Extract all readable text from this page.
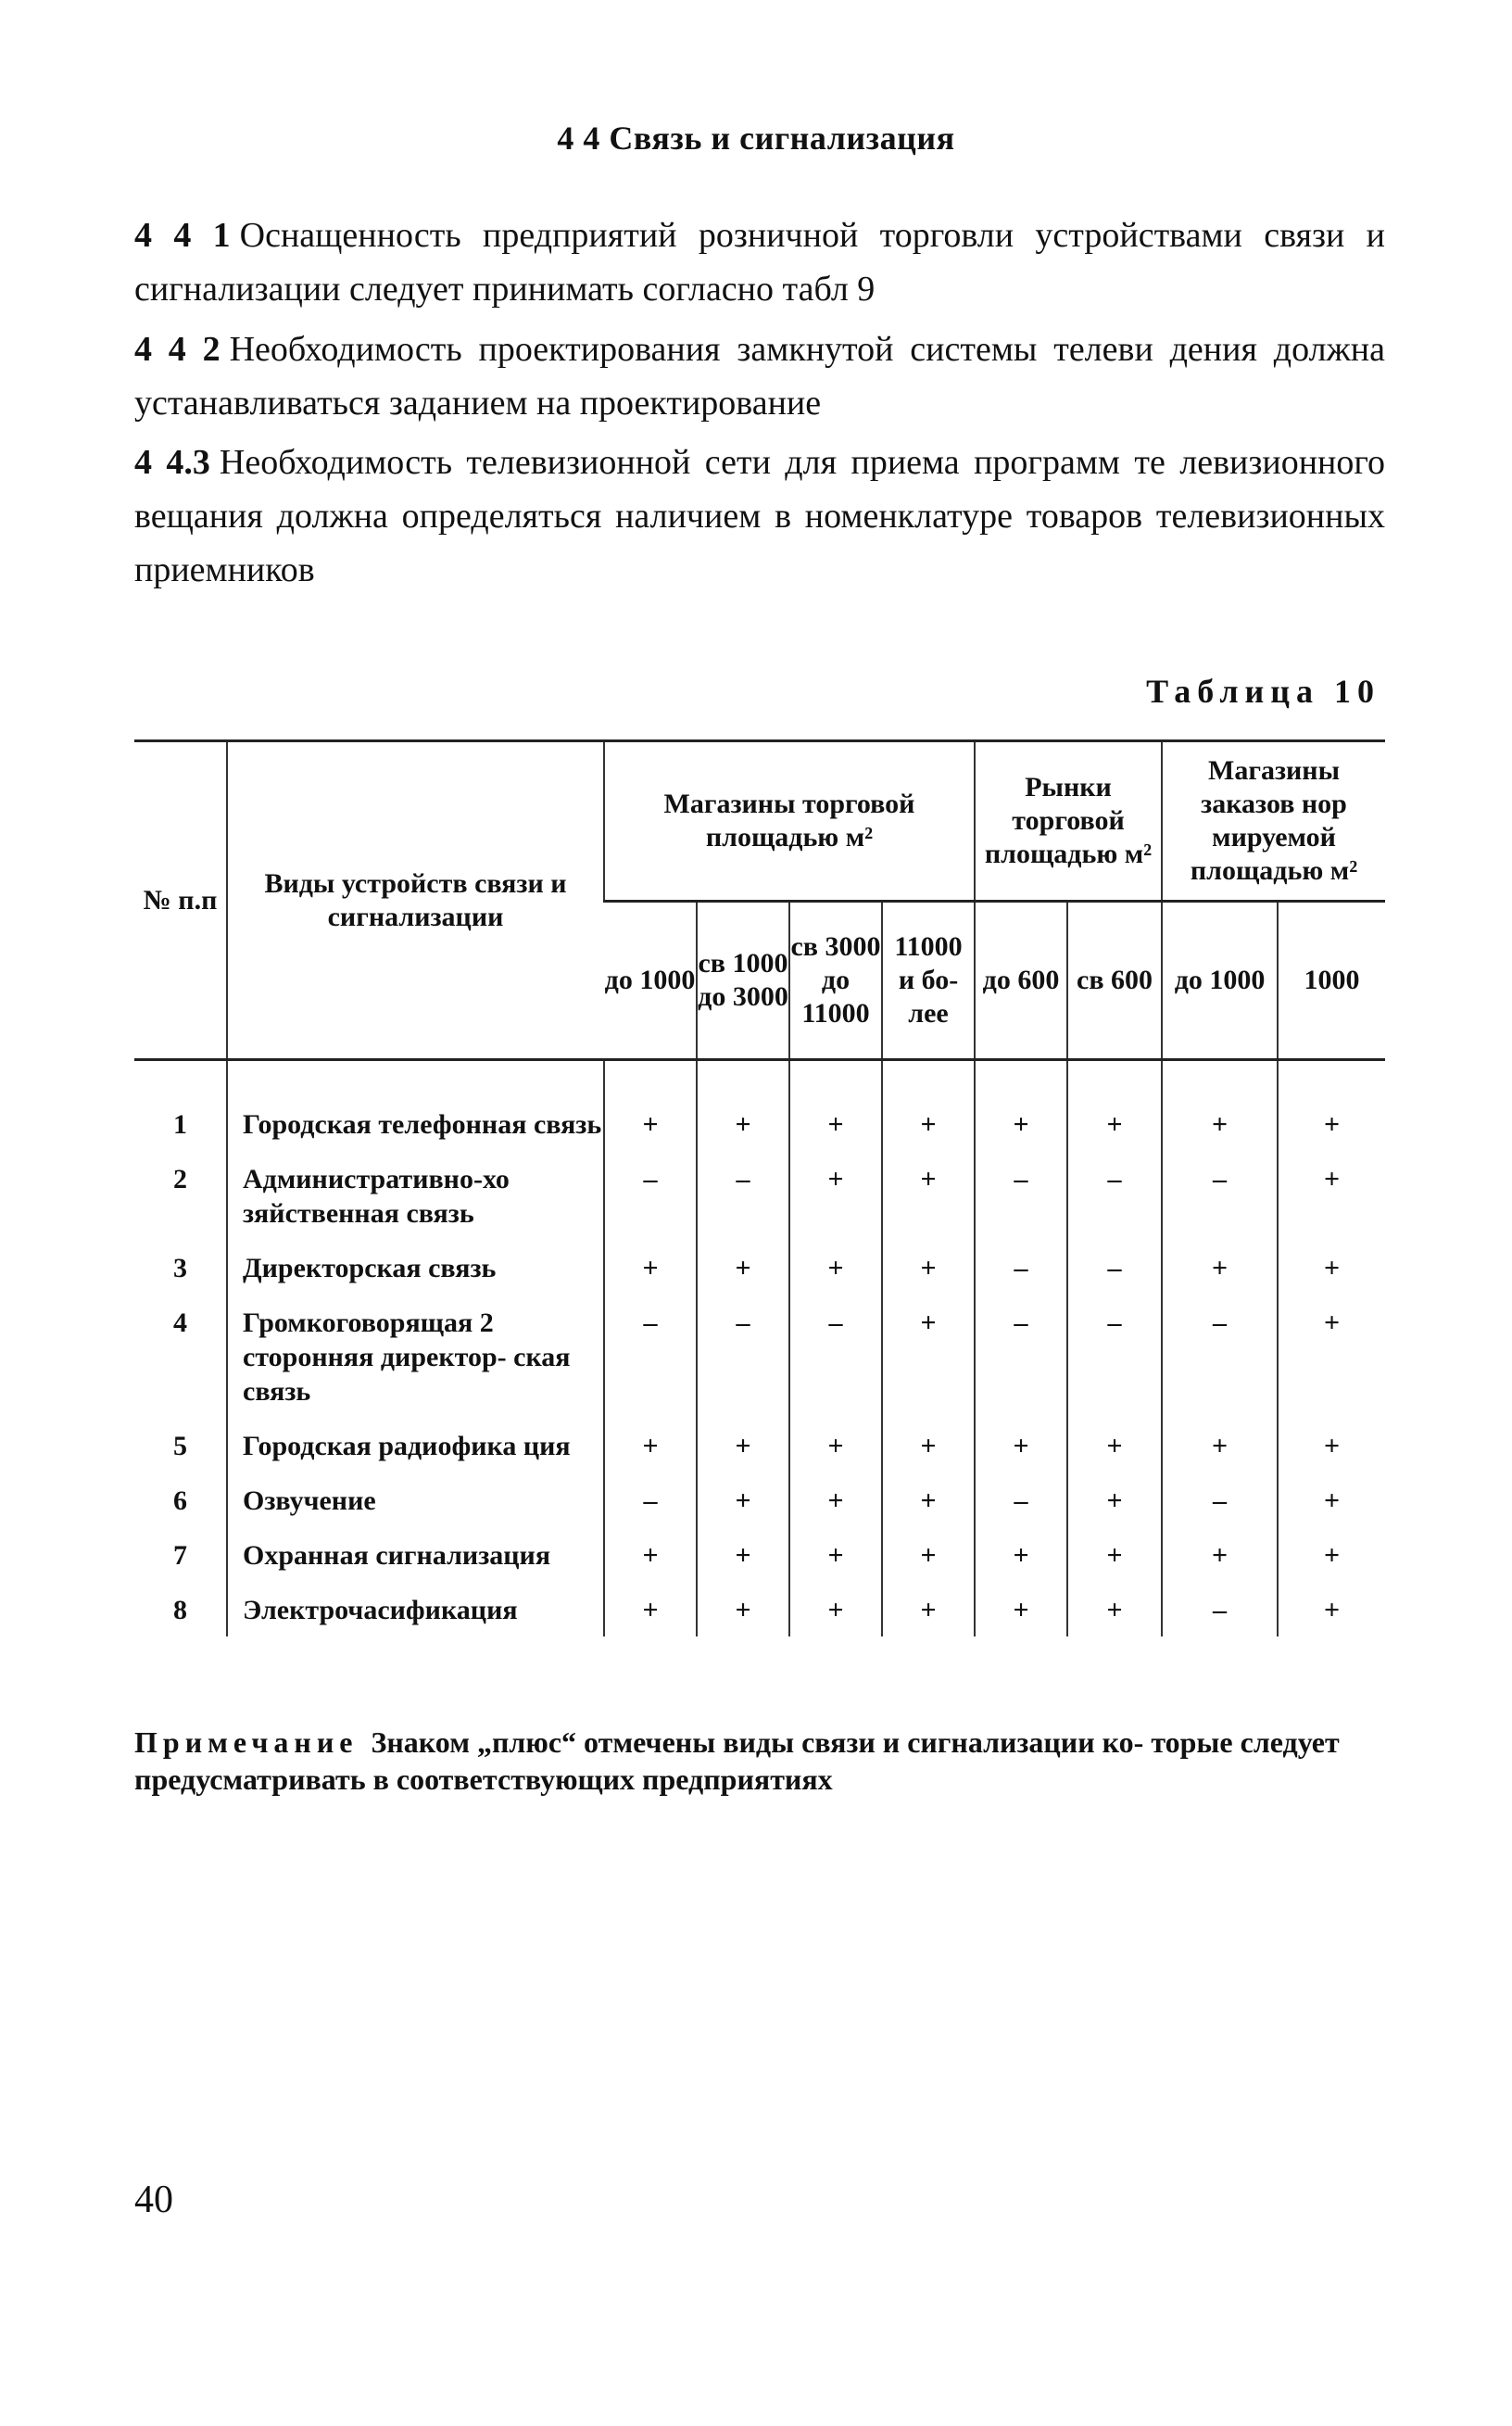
4 4 Связь и сигнализация
4 4 1 Оснащенность предприятий розничной торговли устройствами связи и сигнализации следует принимать согласно табл 9
4 4 2 Необходимость проектирования замкнутой системы телеви дения должна устанавливаться заданием на проектирование
4 4.3 Необходимость телевизионной сети для приема программ те левизионного вещания должна определяться наличием в номенклатуре товаров телевизионных приемников
Таблица 10
№ п.п	Виды устройств связи и сигнализации	Магазины торговой площадью м²				Рынки торговой площадью м²		Магазины заказов нор мируемой площадью м²	
		до 1000	св 1000 до 3000	св 3000 до 11000	11000 и бо- лее	до 600	св 600	до 1000	1000
1	Городская телефонная связь	+	+	+	+	+	+	+	+
2	Административно-хо зяйственная связь	–	–	+	+	–	–	–	+
3	Директорская связь	+	+	+	+	–	–	+	+
4	Громкоговорящая 2 сторонняя директор- ская связь	–	–	–	+	–	–	–	+
5	Городская радиофика ция	+	+	+	+	+	+	+	+
6	Озвучение	–	+	+	+	–	+	–	+
7	Охранная сигнализация	+	+	+	+	+	+	+	+
8	Электрочасификация	+	+	+	+	+	+	–	+
Примечание Знаком „плюс“ отмечены виды связи и сигнализации ко- торые следует предусматривать в соответствующих предприятиях
40
